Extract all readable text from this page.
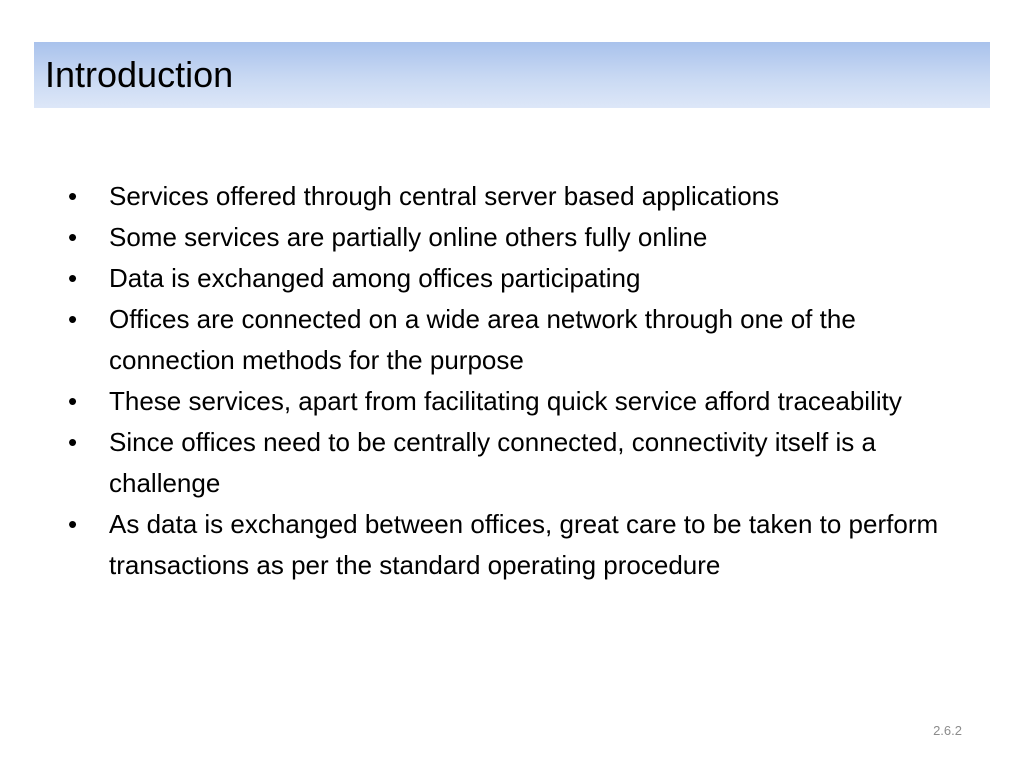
Introduction
•	Services offered through central server based applications
•	Some services are partially online others fully online
•	Data is exchanged among offices participating
•	Offices are connected on a wide area network through one of the connection methods for the purpose
•	These services, apart from facilitating quick service afford traceability
•	Since offices need to be centrally connected, connectivity itself is a challenge
•	As data is exchanged between offices, great care to be taken to perform transactions as per the standard operating procedure
2.6.2
